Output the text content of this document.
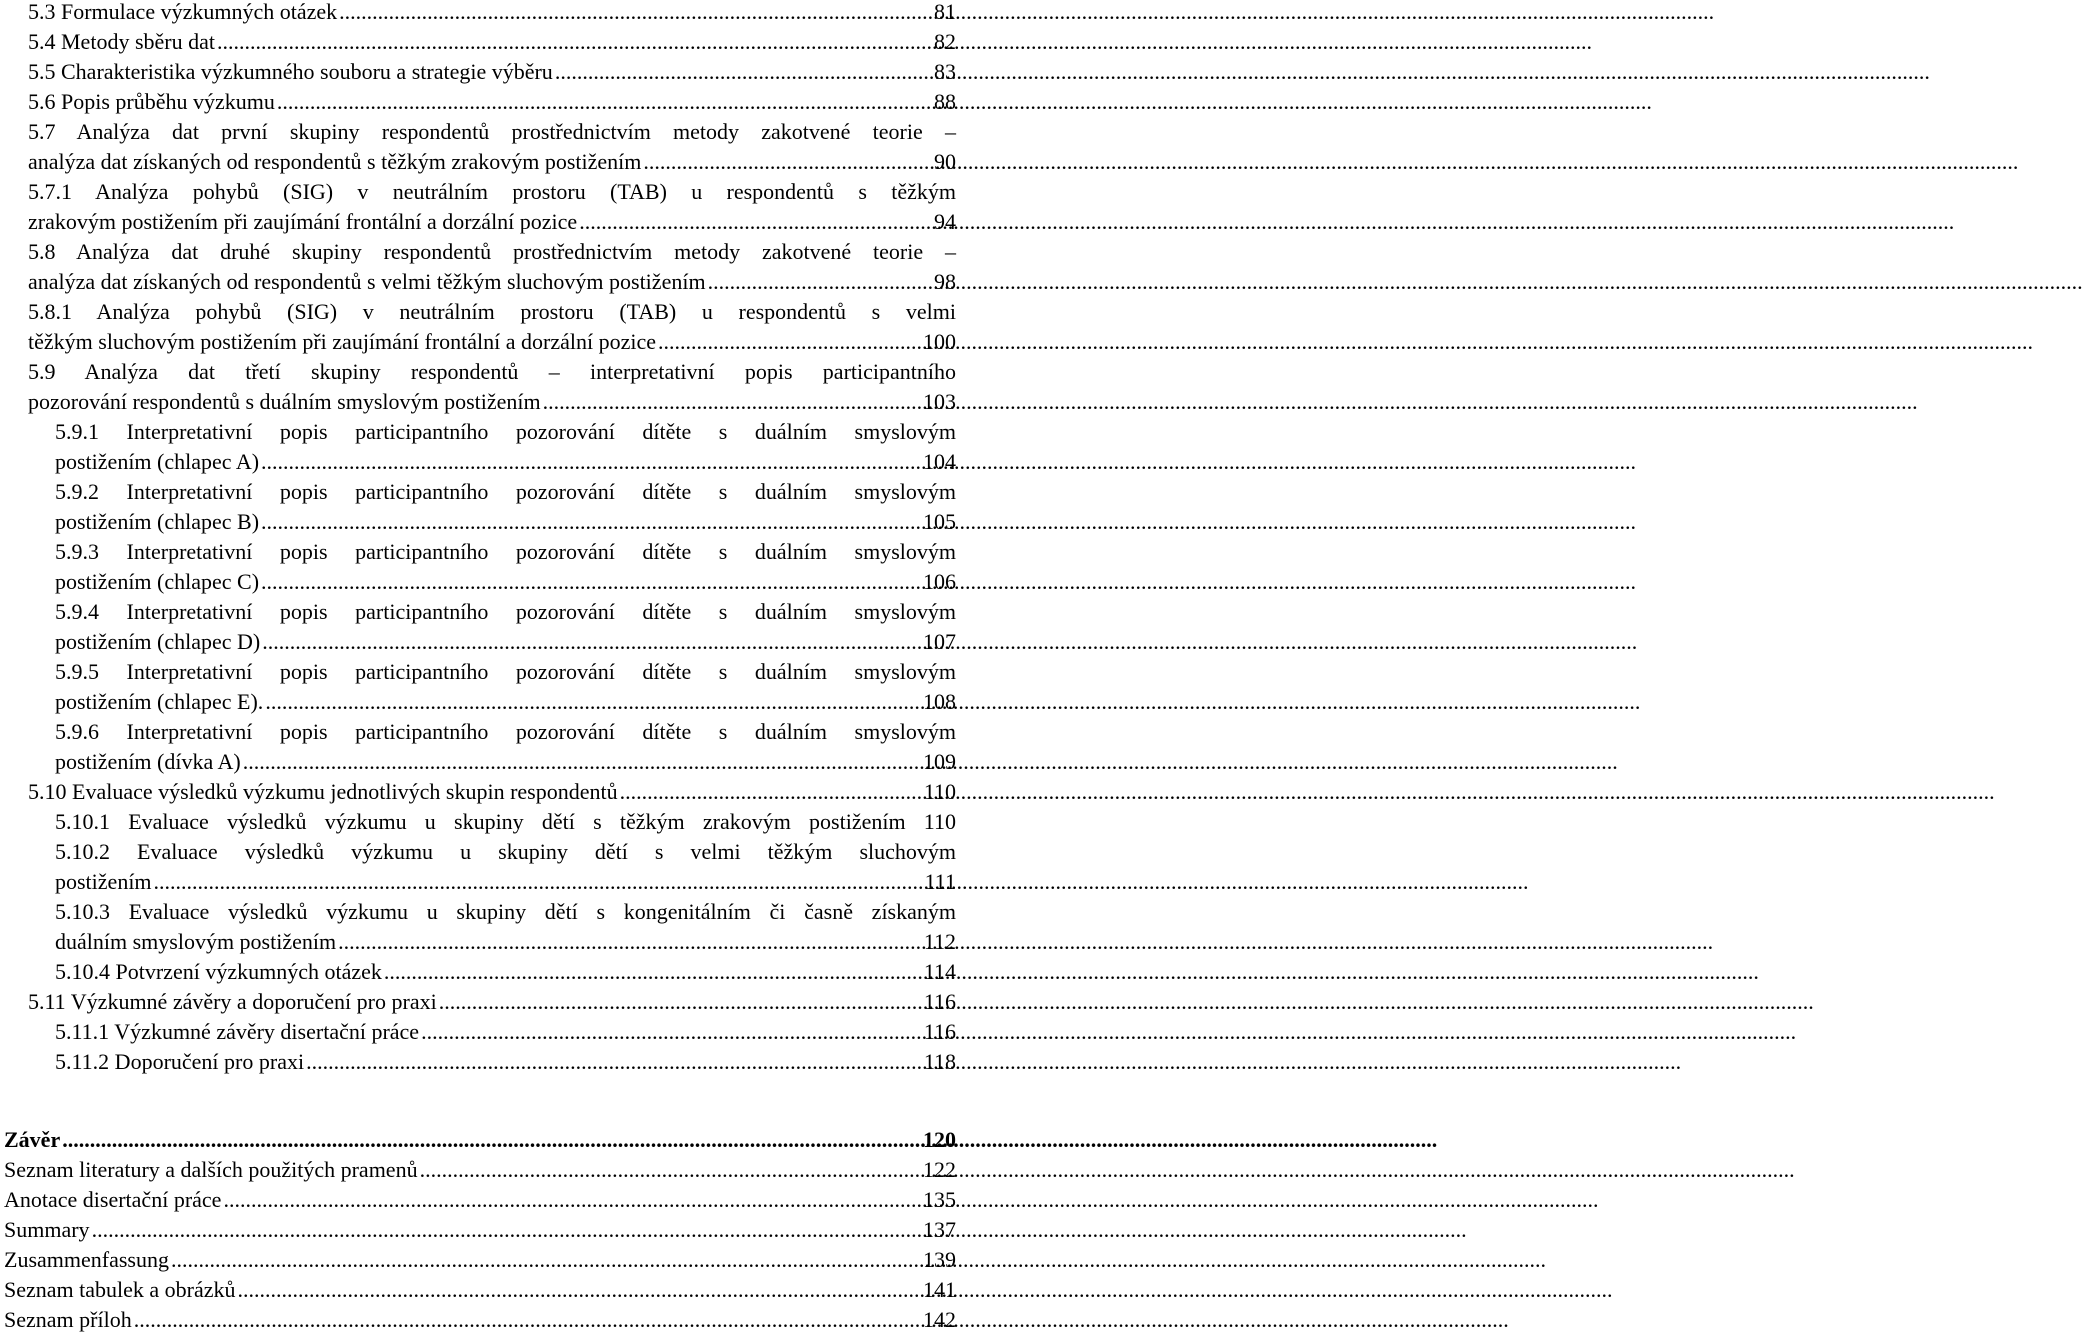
5.3 Formulace výzkumných otázek .....	81
5.4 Metody sběru dat .....	82
5.5 Charakteristika výzkumného souboru a strategie výběru .....	83
5.6 Popis průběhu výzkumu .....	88
5.7 Analýza dat první skupiny respondentů prostřednictvím metody zakotvené teorie –
analýza dat získaných od respondentů s těžkým zrakovým postižením .....	90
5.7.1 Analýza pohybů (SIG) v neutrálním prostoru (TAB) u respondentů s těžkým
zrakovým postižením při zaujímání frontální a dorzální pozice .....	94
5.8 Analýza dat druhé skupiny respondentů prostřednictvím metody zakotvené teorie –
analýza dat získaných od respondentů s velmi těžkým sluchovým postižením .....	98
5.8.1 Analýza pohybů (SIG) v neutrálním prostoru (TAB) u respondentů s velmi
těžkým sluchovým postižením při zaujímání frontální a dorzální pozice .....	100
5.9 Analýza dat třetí skupiny respondentů – interpretativní popis participantního
pozorování respondentů s duálním smyslovým postižením .....	103
5.9.1 Interpretativní popis participantního pozorování dítěte s duálním smyslovým
postižením (chlapec A) .....	104
5.9.2 Interpretativní popis participantního pozorování dítěte s duálním smyslovým
postižením (chlapec B) .....	105
5.9.3 Interpretativní popis participantního pozorování dítěte s duálním smyslovým
postižením (chlapec C) .....	106
5.9.4 Interpretativní popis participantního pozorování dítěte s duálním smyslovým
postižením (chlapec D) .....	107
5.9.5 Interpretativní popis participantního pozorování dítěte s duálním smyslovým
postižením (chlapec E). .....	108
5.9.6 Interpretativní popis participantního pozorování dítěte s duálním smyslovým
postižením (dívka A) .....	109
5.10 Evaluace výsledků výzkumu jednotlivých skupin respondentů .....	110
5.10.1 Evaluace výsledků výzkumu u skupiny dětí s těžkým zrakovým postižením 110
5.10.2 Evaluace výsledků výzkumu u skupiny dětí s velmi těžkým sluchovým
postižením .....	111
5.10.3 Evaluace výsledků výzkumu u skupiny dětí s kongenitálním či časně získaným
duálním smyslovým postižením .....	112
5.10.4 Potvrzení výzkumných otázek .....	114
5.11 Výzkumné závěry a doporučení pro praxi .....	116
5.11.1 Výzkumné závěry disertační práce .....	116
5.11.2 Doporučení pro praxi .....	118
Závěr .....	120
Seznam literatury a dalších použitých pramenů .....	122
Anotace disertační práce .....	135
Summary .....	137
Zusammenfassung .....	139
Seznam tabulek a obrázků .....	141
Seznam příloh .....	142
